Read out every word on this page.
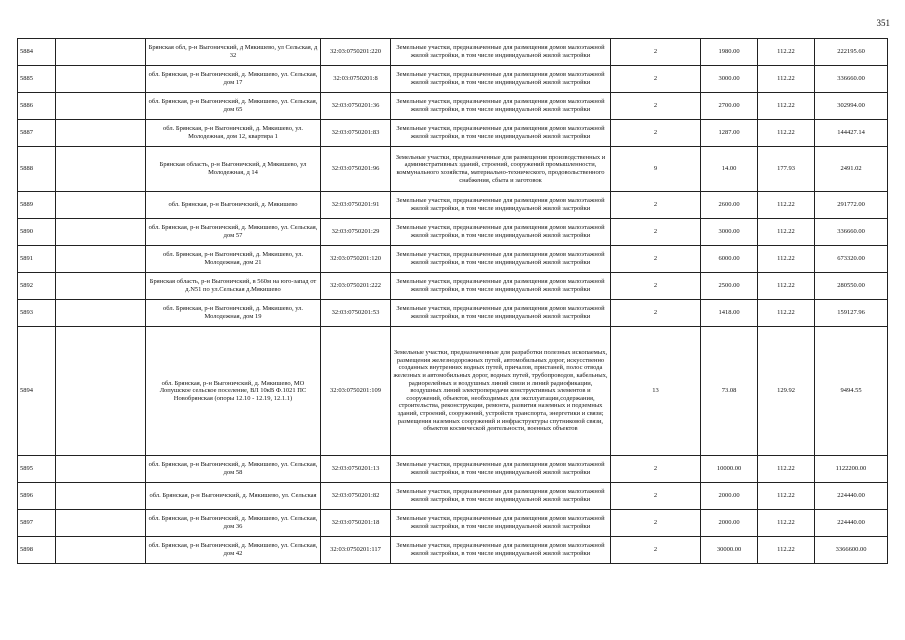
351
5884		Брянская обл, р-н Выгоничский, д Мякишево, ул Сельская, д 32	32:03:0750201:220	Земельные участки, предназначенные для размещения домов малоэтажной жилой застройки, в том числе индивидуальной жилой застройки	2	1980.00	112.22	222195.60
5885		обл. Брянская, р-н Выгоничский, д. Мякишево, ул. Сельская, дом 17	32:03:0750201:8	Земельные участки, предназначенные для размещения домов малоэтажной жилой застройки, в том числе индивидуальной жилой застройки	2	3000.00	112.22	336660.00
5886		обл. Брянская, р-н Выгоничский, д. Мякишево, ул. Сельская, дом 65	32:03:0750201:36	Земельные участки, предназначенные для размещения домов малоэтажной жилой застройки, в том числе индивидуальной жилой застройки	2	2700.00	112.22	302994.00
5887		обл. Брянская, р-н Выгоничский, д. Мякишево, ул. Молодежная, дом 12, квартира 1	32:03:0750201:83	Земельные участки, предназначенные для размещения домов малоэтажной жилой застройки, в том числе индивидуальной жилой застройки	2	1287.00	112.22	144427.14
5888		Брянская область, р-н Выгоничский, д Мякишево, ул Молодежная, д 14	32:03:0750201:96	Земельные участки, предназначенные для размещения производственных и административных зданий, строений, сооружений промышленности, коммунального хозяйства, материально-технического, продовольственного снабжения, сбыта и заготовок	9	14.00	177.93	2491.02
5889		обл. Брянская, р-н Выгоничский, д. Мякишево	32:03:0750201:91	Земельные участки, предназначенные для размещения домов малоэтажной жилой застройки, в том числе индивидуальной жилой застройки	2	2600.00	112.22	291772.00
5890		обл. Брянская, р-н Выгоничский, д. Мякишево, ул. Сельская, дом 57	32:03:0750201:29	Земельные участки, предназначенные для размещения домов малоэтажной жилой застройки, в том числе индивидуальной жилой застройки	2	3000.00	112.22	336660.00
5891		обл. Брянская, р-н Выгоничский, д. Мякишево, ул. Молодежная, дом 21	32:03:0750201:120	Земельные участки, предназначенные для размещения домов малоэтажной жилой застройки, в том числе индивидуальной жилой застройки	2	6000.00	112.22	673320.00
5892		Брянская область, р-н Выгоничский, в 560м на юго-запад от д.N51 по ул.Сельская д.Мякишево	32:03:0750201:222	Земельные участки, предназначенные для размещения домов малоэтажной жилой застройки, в том числе индивидуальной жилой застройки	2	2500.00	112.22	280550.00
5893		обл. Брянская, р-н Выгоничский, д. Мякишево, ул. Молодежная, дом 19	32:03:0750201:53	Земельные участки, предназначенные для размещения домов малоэтажной жилой застройки, в том числе индивидуальной жилой застройки	2	1418.00	112.22	159127.96
5894		обл. Брянская, р-н Выгоничский, д. Мякишево, МО Лопушское сельское поселение, ВЛ 10кВ Ф.1021 ПС Новобрянская (опоры 12.10 - 12.19, 12.1.1)	32:03:0750201:109	Земельные участки, предназначенные для разработки полезных ископаемых, размещения железнодорожных путей, автомобильных дорог, искусственно созданных внутренних водных путей, причалов, пристаней, полос отвода железных и автомобильных дорог, водных путей, трубопроводов, кабельных, радиорелейных и воздушных линий связи и линий радиофикации, воздушных линий электропередачи конструктивных элементов и сооружений, объектов, необходимых для эксплуатации,содержания, строительства, реконструкции, ремонта, развития наземных и подземных зданий, строений, сооружений, устройств транспорта, энергетики и связи; размещения наземных сооружений и инфраструктуры спутниковой связи, объектов космической деятельности, военных объектов	13	73.08	129.92	9494.55
5895		обл. Брянская, р-н Выгоничский, д. Мякишево, ул. Сельская, дом 58	32:03:0750201:13	Земельные участки, предназначенные для размещения домов малоэтажной жилой застройки, в том числе индивидуальной жилой застройки	2	10000.00	112.22	1122200.00
5896		обл. Брянская, р-н Выгоничский, д. Мякишево, ул. Сельская	32:03:0750201:82	Земельные участки, предназначенные для размещения домов малоэтажной жилой застройки, в том числе индивидуальной жилой застройки	2	2000.00	112.22	224440.00
5897		обл. Брянская, р-н Выгоничский, д. Мякишево, ул. Сельская, дом 36	32:03:0750201:18	Земельные участки, предназначенные для размещения домов малоэтажной жилой застройки, в том числе индивидуальной жилой застройки	2	2000.00	112.22	224440.00
5898		обл. Брянская, р-н Выгоничский, д. Мякишево, ул. Сельская, дом 42	32:03:0750201:117	Земельные участки, предназначенные для размещения домов малоэтажной жилой застройки, в том числе индивидуальной жилой застройки	2	30000.00	112.22	3366600.00
